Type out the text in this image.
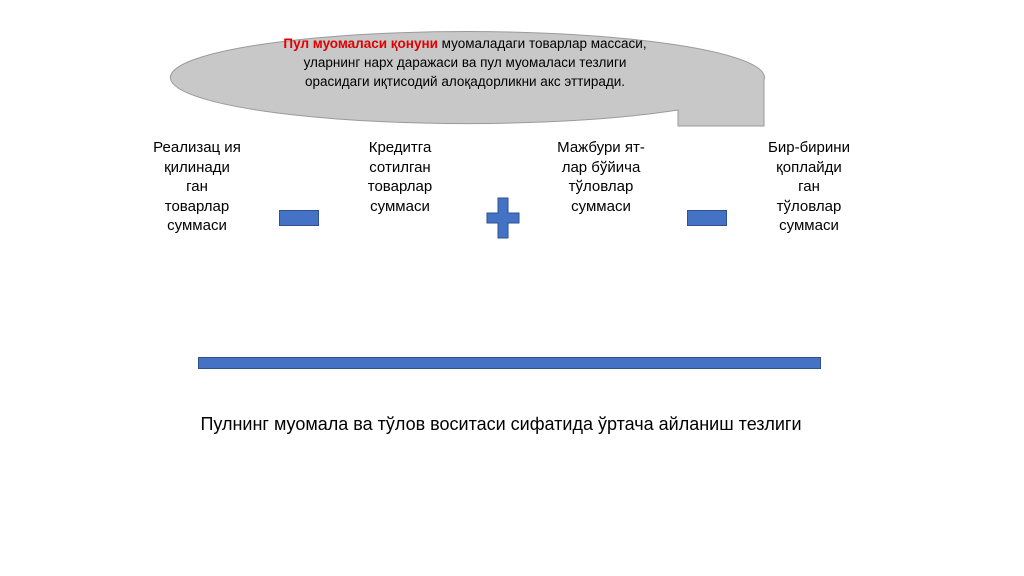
Пул муомаласи қонуни муомаладаги товарлар массаси, уларнинг нарх даражаси ва пул муомаласи тезлиги орасидаги иқтисодий алоқадорликни акс эттиради.
Реализац ия қилинади ган товарлар суммаси
Кредитга сотилган товарлар суммаси
Мажбури ят-лар бўйича тўловлар суммаси
Бир-бирини қоплайди ган тўловлар суммаси
Пулнинг муомала ва тўлов воситаси сифатида ўртача айланиш тезлиги
